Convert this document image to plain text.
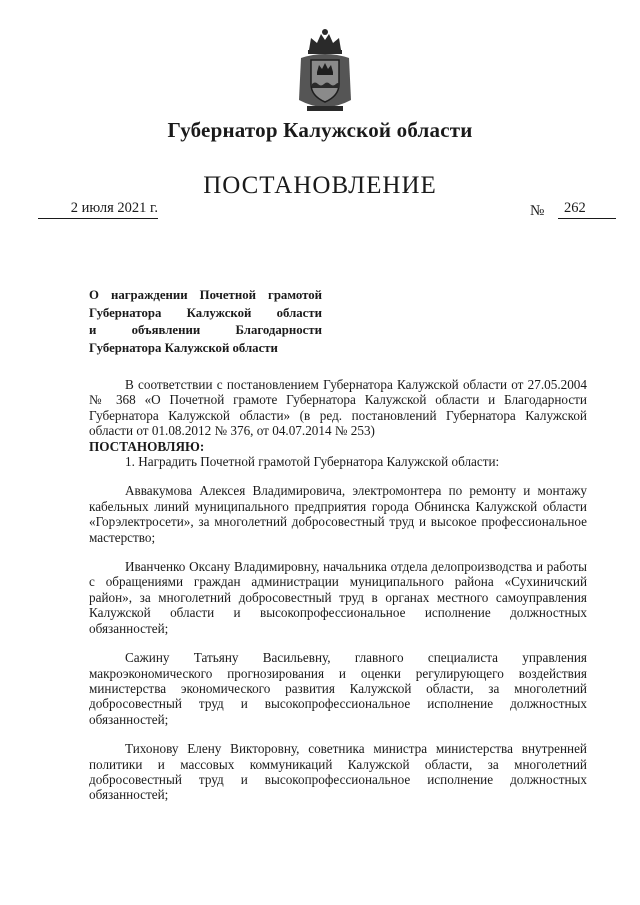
Губернатор Калужской области
ПОСТАНОВЛЕНИЕ
2 июля 2021 г.	№	262
О награждении Почетной грамотой
Губернатора Калужской области
и объявлении Благодарности
Губернатора Калужской области

В соответствии с постановлением Губернатора Калужской области от 27.05.2004 № 368 «О Почетной грамоте Губернатора Калужской области и Благодарности Губернатора Калужской области» (в ред. постановлений Губернатора Калужской области от 01.08.2012 № 376, от 04.07.2014 № 253)

ПОСТАНОВЛЯЮ:

1. Наградить Почетной грамотой Губернатора Калужской области:

Аввакумова Алексея Владимировича, электромонтера по ремонту и монтажу кабельных линий муниципального предприятия города Обнинска Калужской области «Горэлектросети», за многолетний добросовестный труд и высокое профессиональное мастерство;

Иванченко Оксану Владимировну, начальника отдела делопроизводства и работы с обращениями граждан администрации муниципального района «Сухиничский район», за многолетний добросовестный труд в органах местного самоуправления Калужской области и высокопрофессиональное исполнение должностных обязанностей;

Сажину Татьяну Васильевну, главного специалиста управления макроэкономического прогнозирования и оценки регулирующего воздействия министерства экономического развития Калужской области, за многолетний добросовестный труд и высокопрофессиональное исполнение должностных обязанностей;

Тихонову Елену Викторовну, советника министра министерства внутренней политики и массовых коммуникаций Калужской области, за многолетний добросовестный труд и высокопрофессиональное исполнение должностных обязанностей;
